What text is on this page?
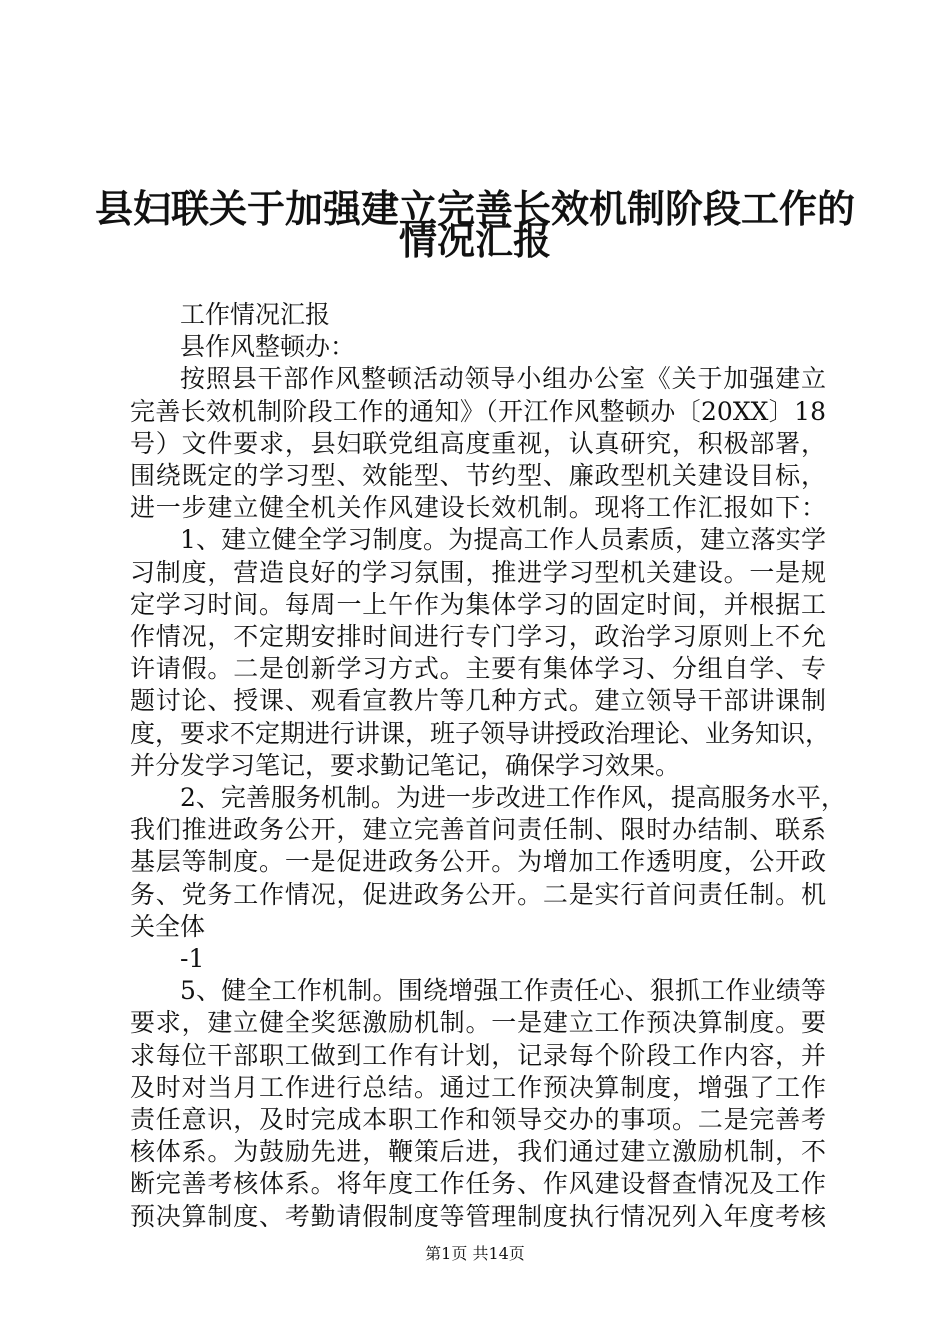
县妇联关于加强建立完善长效机制阶段工作的
情况汇报
工作情况汇报
县作风整顿办：
按照县干部作风整顿活动领导小组办公室《关于加强建立
完善长效机制阶段工作的通知》（开江作风整顿办〔20XX〕18
号）文件要求，县妇联党组高度重视，认真研究，积极部署，
围绕既定的学习型、效能型、节约型、廉政型机关建设目标，
进一步建立健全机关作风建设长效机制。现将工作汇报如下：
1、建立健全学习制度。为提高工作人员素质，建立落实学
习制度，营造良好的学习氛围，推进学习型机关建设。一是规
定学习时间。每周一上午作为集体学习的固定时间，并根据工
作情况，不定期安排时间进行专门学习，政治学习原则上不允
许请假。二是创新学习方式。主要有集体学习、分组自学、专
题讨论、授课、观看宣教片等几种方式。建立领导干部讲课制
度，要求不定期进行讲课，班子领导讲授政治理论、业务知识，
并分发学习笔记，要求勤记笔记，确保学习效果。
2、完善服务机制。为进一步改进工作作风，提高服务水平，
我们推进政务公开，建立完善首问责任制、限时办结制、联系
基层等制度。一是促进政务公开。为增加工作透明度，公开政
务、党务工作情况，促进政务公开。二是实行首问责任制。机
关全体
-1
5、健全工作机制。围绕增强工作责任心、狠抓工作业绩等
要求，建立健全奖惩激励机制。一是建立工作预决算制度。要
求每位干部职工做到工作有计划，记录每个阶段工作内容，并
及时对当月工作进行总结。通过工作预决算制度，增强了工作
责任意识，及时完成本职工作和领导交办的事项。二是完善考
核体系。为鼓励先进，鞭策后进，我们通过建立激励机制，不
断完善考核体系。将年度工作任务、作风建设督查情况及工作
预决算制度、考勤请假制度等管理制度执行情况列入年度考核
第1页 共14页
